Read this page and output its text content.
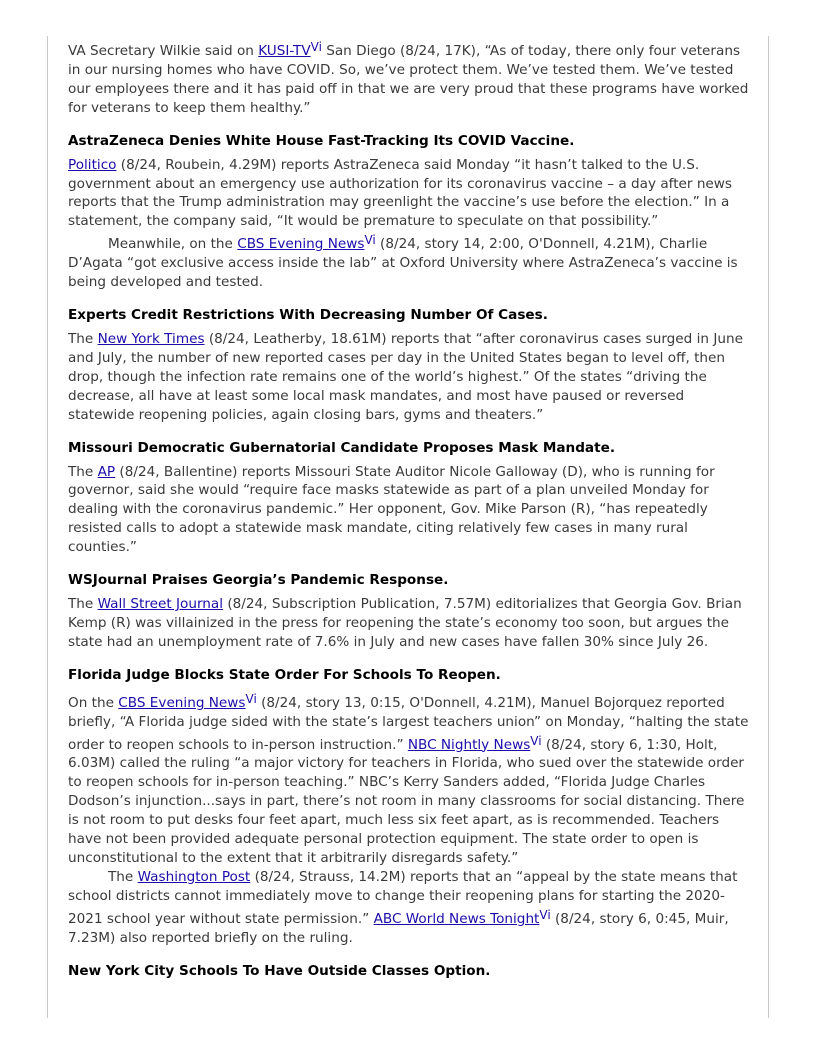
VA Secretary Wilkie said on KUSI-TVVi San Diego (8/24, 17K), “As of today, there only four veterans in our nursing homes who have COVID. So, we’ve protect them. We’ve tested them. We’ve tested our employees there and it has paid off in that we are very proud that these programs have worked for veterans to keep them healthy.”

AstraZeneca Denies White House Fast-Tracking Its COVID Vaccine.

Politico (8/24, Roubein, 4.29M) reports AstraZeneca said Monday “it hasn’t talked to the U.S. government about an emergency use authorization for its coronavirus vaccine – a day after news reports that the Trump administration may greenlight the vaccine’s use before the election.” In a statement, the company said, “It would be premature to speculate on that possibility.”

Meanwhile, on the CBS Evening NewsVi (8/24, story 14, 2:00, O'Donnell, 4.21M), Charlie D’Agata “got exclusive access inside the lab” at Oxford University where AstraZeneca’s vaccine is being developed and tested.

Experts Credit Restrictions With Decreasing Number Of Cases.

The New York Times (8/24, Leatherby, 18.61M) reports that “after coronavirus cases surged in June and July, the number of new reported cases per day in the United States began to level off, then drop, though the infection rate remains one of the world’s highest.” Of the states “driving the decrease, all have at least some local mask mandates, and most have paused or reversed statewide reopening policies, again closing bars, gyms and theaters.”

Missouri Democratic Gubernatorial Candidate Proposes Mask Mandate.

The AP (8/24, Ballentine) reports Missouri State Auditor Nicole Galloway (D), who is running for governor, said she would “require face masks statewide as part of a plan unveiled Monday for dealing with the coronavirus pandemic.” Her opponent, Gov. Mike Parson (R), “has repeatedly resisted calls to adopt a statewide mask mandate, citing relatively few cases in many rural counties.”

WSJournal Praises Georgia’s Pandemic Response.

The Wall Street Journal (8/24, Subscription Publication, 7.57M) editorializes that Georgia Gov. Brian Kemp (R) was villainized in the press for reopening the state’s economy too soon, but argues the state had an unemployment rate of 7.6% in July and new cases have fallen 30% since July 26.

Florida Judge Blocks State Order For Schools To Reopen.

On the CBS Evening NewsVi (8/24, story 13, 0:15, O'Donnell, 4.21M), Manuel Bojorquez reported briefly, “A Florida judge sided with the state’s largest teachers union” on Monday, “halting the state order to reopen schools to in-person instruction.” NBC Nightly NewsVi (8/24, story 6, 1:30, Holt, 6.03M) called the ruling “a major victory for teachers in Florida, who sued over the statewide order to reopen schools for in-person teaching.” NBC’s Kerry Sanders added, “Florida Judge Charles Dodson’s injunction...says in part, there’s not room in many classrooms for social distancing. There is not room to put desks four feet apart, much less six feet apart, as is recommended. Teachers have not been provided adequate personal protection equipment. The state order to open is unconstitutional to the extent that it arbitrarily disregards safety.”

The Washington Post (8/24, Strauss, 14.2M) reports that an “appeal by the state means that school districts cannot immediately move to change their reopening plans for starting the 2020-2021 school year without state permission.” ABC World News TonightVi (8/24, story 6, 0:45, Muir, 7.23M) also reported briefly on the ruling.

New York City Schools To Have Outside Classes Option.
